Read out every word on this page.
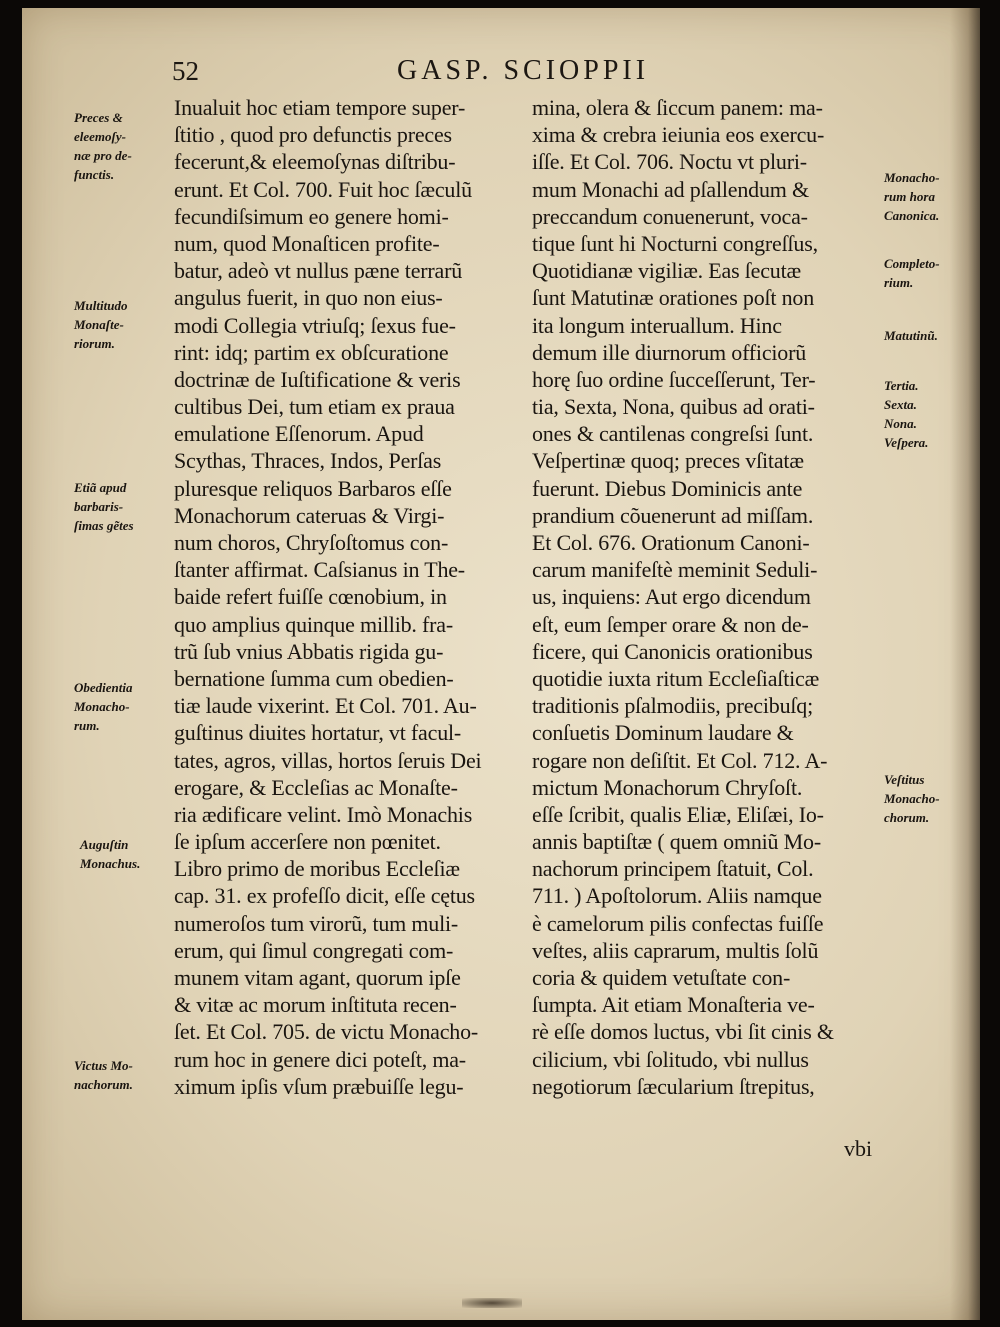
52	GASP. SCIOPPII
Preces &
eleemoſy-
næ pro de-
functis.
Multitudo
Monaſte-
riorum.
Etiã apud
barbaris-
ſimas gẽtes
Obedientia
Monacho-
rum.
Auguſtin
Monachus.
Victus Mo-
nachorum.
Monacho-
rum hora
Canonica.
Completo-
rium.
Matutinũ.
Tertia.
Sexta.
Nona.
Veſpera.
Veſtitus
Monacho-
chorum.
Inualuit hoc etiam tempore super-
ſtitio , quod pro defunctis preces
fecerunt,& eleemoſynas diſtribu-
erunt. Et Col. 700. Fuit hoc ſæculũ
fecundiſsimum eo genere homi-
num, quod Monaſticen profite-
batur, adeò vt nullus pæne terrarũ
angulus fuerit, in quo non eius-
modi Collegia vtriuſq; ſexus fue-
rint: idq; partim ex obſcuratione
doctrinæ de Iuſtificatione & veris
cultibus Dei, tum etiam ex praua
emulatione Eſſenorum. Apud
Scythas, Thraces, Indos, Perſas
pluresque reliquos Barbaros eſſe
Monachorum cateruas & Virgi-
num choros, Chryſoſtomus con-
ſtanter affirmat. Caſsianus in The-
baide refert fuiſſe cœnobium, in
quo amplius quinque millib. fra-
trũ ſub vnius Abbatis rigida gu-
bernatione ſumma cum obedien-
tiæ laude vixerint. Et Col. 701. Au-
guſtinus diuites hortatur, vt facul-
tates, agros, villas, hortos ſeruis Dei
erogare, & Eccleſias ac Monaſte-
ria ædificare velint. Imò Monachis
ſe ipſum accerſere non pœnitet.
Libro primo de moribus Eccleſiæ
cap. 31. ex profeſſo dicit, eſſe cętus
numeroſos tum virorũ, tum muli-
erum, qui ſimul congregati com-
munem vitam agant, quorum ipſe
& vitæ ac morum inſtituta recen-
ſet. Et Col. 705. de victu Monacho-
rum hoc in genere dici poteſt, ma-
ximum ipſis vſum præbuiſſe legu-
mina, olera & ſiccum panem: ma-
xima & crebra ieiunia eos exercu-
iſſe. Et Col. 706. Noctu vt pluri-
mum Monachi ad pſallendum &
preccandum conuenerunt, voca-
tique ſunt hi Nocturni congreſſus,
Quotidianæ vigiliæ. Eas ſecutæ
ſunt Matutinæ orationes poſt non
ita longum interuallum. Hinc
demum ille diurnorum officiorũ
horę ſuo ordine ſucceſſerunt, Ter-
tia, Sexta, Nona, quibus ad orati-
ones & cantilenas congreſsi ſunt.
Veſpertinæ quoq; preces vſitatæ
fuerunt. Diebus Dominicis ante
prandium cõuenerunt ad miſſam.
Et Col. 676. Orationum Canoni-
carum manifeſtè meminit Seduli-
us, inquiens: Aut ergo dicendum
eſt, eum ſemper orare & non de-
ficere, qui Canonicis orationibus
quotidie iuxta ritum Eccleſiaſticæ
traditionis pſalmodiis, precibuſq;
conſuetis Dominum laudare &
rogare non deſiſtit. Et Col. 712. A-
mictum Monachorum Chryſoſt.
eſſe ſcribit, qualis Eliæ, Eliſæi, Io-
annis baptiſtæ ( quem omniũ Mo-
nachorum principem ſtatuit, Col.
711. ) Apoſtolorum. Aliis namque
è camelorum pilis confectas fuiſſe
veſtes, aliis caprarum, multis ſolũ
coria & quidem vetuſtate con-
ſumpta. Ait etiam Monaſteria ve-
rè eſſe domos luctus, vbi ſit cinis &
cilicium, vbi ſolitudo, vbi nullus
negotiorum ſæcularium ſtrepitus,
vbi
